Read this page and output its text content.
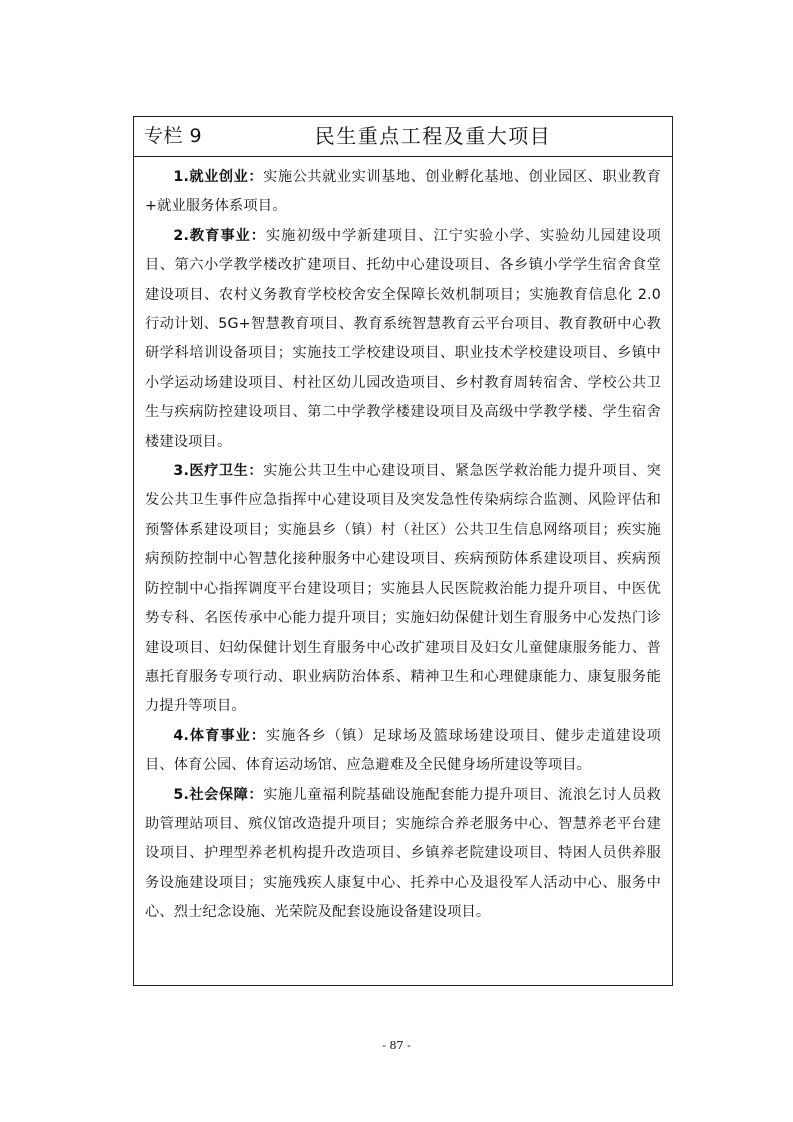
专栏 9	民生重点工程及重大项目

1.就业创业：实施公共就业实训基地、创业孵化基地、创业园区、职业教育+就业服务体系项目。

2.教育事业：实施初级中学新建项目、江宁实验小学、实验幼儿园建设项目、第六小学教学楼改扩建项目、托幼中心建设项目、各乡镇小学学生宿舍食堂建设项目、农村义务教育学校校舍安全保障长效机制项目；实施教育信息化 2.0 行动计划、5G+智慧教育项目、教育系统智慧教育云平台项目、教育教研中心教研学科培训设备项目；实施技工学校建设项目、职业技术学校建设项目、乡镇中小学运动场建设项目、村社区幼儿园改造项目、乡村教育周转宿舍、学校公共卫生与疾病防控建设项目、第二中学教学楼建设项目及高级中学教学楼、学生宿舍楼建设项目。

3.医疗卫生：实施公共卫生中心建设项目、紧急医学救治能力提升项目、突发公共卫生事件应急指挥中心建设项目及突发急性传染病综合监测、风险评估和预警体系建设项目；实施县乡（镇）村（社区）公共卫生信息网络项目；疾实施病预防控制中心智慧化接种服务中心建设项目、疾病预防体系建设项目、疾病预防控制中心指挥调度平台建设项目；实施县人民医院救治能力提升项目、中医优势专科、名医传承中心能力提升项目；实施妇幼保健计划生育服务中心发热门诊建设项目、妇幼保健计划生育服务中心改扩建项目及妇女儿童健康服务能力、普惠托育服务专项行动、职业病防治体系、精神卫生和心理健康能力、康复服务能力提升等项目。

4.体育事业：实施各乡（镇）足球场及篮球场建设项目、健步走道建设项目、体育公园、体育运动场馆、应急避难及全民健身场所建设等项目。

5.社会保障：实施儿童福利院基础设施配套能力提升项目、流浪乞讨人员救助管理站项目、殡仪馆改造提升项目；实施综合养老服务中心、智慧养老平台建设项目、护理型养老机构提升改造项目、乡镇养老院建设项目、特困人员供养服务设施建设项目；实施残疾人康复中心、托养中心及退役军人活动中心、服务中心、烈士纪念设施、光荣院及配套设施设备建设项目。

- 87 -
